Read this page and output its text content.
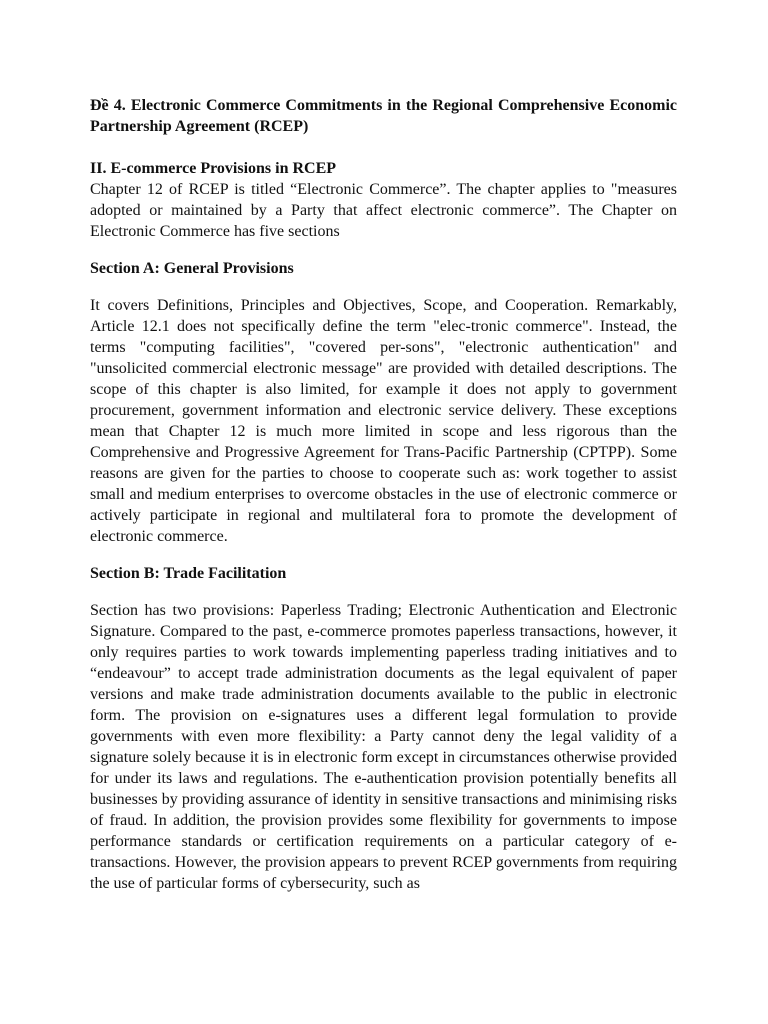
Đề 4. Electronic Commerce Commitments in the Regional Comprehensive Economic Partnership Agreement (RCEP)

II. E-commerce Provisions in RCEP

Chapter 12 of RCEP is titled “Electronic Commerce”. The chapter applies to "measures adopted or maintained by a Party that affect electronic commerce”. The Chapter on Electronic Commerce has five sections

Section A: General Provisions

It covers Definitions, Principles and Objectives, Scope, and Cooperation. Remarkably, Article 12.1 does not specifically define the term "elec-tronic commerce". Instead, the terms "computing facilities", "covered per-sons", "electronic authentication" and "unsolicited commercial electronic message" are provided with detailed descriptions. The scope of this chapter is also limited, for example it does not apply to government procurement, government information and electronic service delivery. These exceptions mean that Chapter 12 is much more limited in scope and less rigorous than the Comprehensive and Progressive Agreement for Trans-Pacific Partnership (CPTPP). Some reasons are given for the parties to choose to cooperate such as: work together to assist small and medium enterprises to overcome obstacles in the use of electronic commerce or actively participate in regional and multilateral fora to promote the development of electronic commerce.

Section B: Trade Facilitation

Section has two provisions: Paperless Trading; Electronic Authentication and Electronic Signature. Compared to the past, e-commerce promotes paperless transactions, however, it only requires parties to work towards implementing paperless trading initiatives and to “endeavour” to accept trade administration documents as the legal equivalent of paper versions and make trade administration documents available to the public in electronic form. The provision on e-signatures uses a different legal formulation to provide governments with even more flexibility: a Party cannot deny the legal validity of a signature solely because it is in electronic form except in circumstances otherwise provided for under its laws and regulations. The e-authentication provision potentially benefits all businesses by providing assurance of identity in sensitive transactions and minimising risks of fraud. In addition, the provision provides some flexibility for governments to impose performance standards or certification requirements on a particular category of e-transactions. However, the provision appears to prevent RCEP governments from requiring the use of particular forms of cybersecurity, such as
